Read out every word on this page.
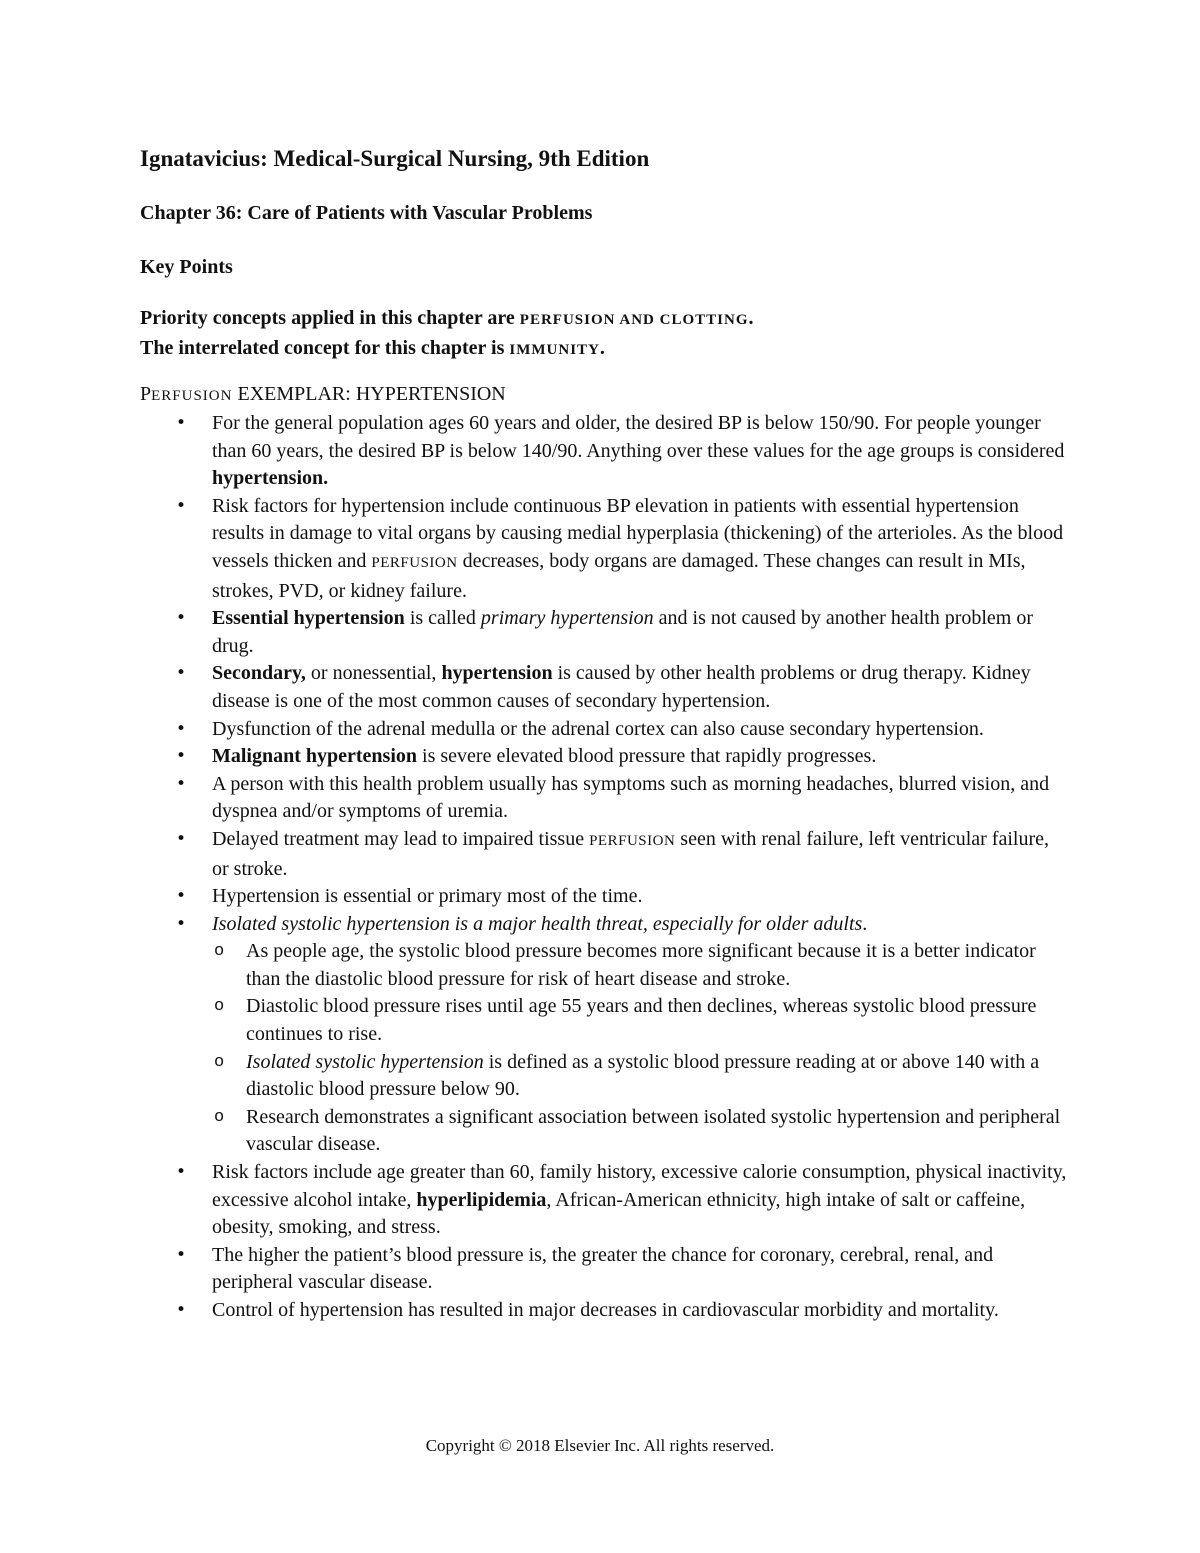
Ignatavicius: Medical-Surgical Nursing, 9th Edition

Chapter 36: Care of Patients with Vascular Problems

Key Points

Priority concepts applied in this chapter are PERFUSION AND CLOTTING.
The interrelated concept for this chapter is IMMUNITY.
PERFUSION EXEMPLAR: HYPERTENSION
• For the general population ages 60 years and older, the desired BP is below 150/90. For people younger than 60 years, the desired BP is below 140/90. Anything over these values for the age groups is considered hypertension.
• Risk factors for hypertension include continuous BP elevation in patients with essential hypertension results in damage to vital organs by causing medial hyperplasia (thickening) of the arterioles. As the blood vessels thicken and PERFUSION decreases, body organs are damaged. These changes can result in MIs, strokes, PVD, or kidney failure.
• Essential hypertension is called primary hypertension and is not caused by another health problem or drug.
• Secondary, or nonessential, hypertension is caused by other health problems or drug therapy. Kidney disease is one of the most common causes of secondary hypertension.
• Dysfunction of the adrenal medulla or the adrenal cortex can also cause secondary hypertension.
• Malignant hypertension is severe elevated blood pressure that rapidly progresses.
• A person with this health problem usually has symptoms such as morning headaches, blurred vision, and dyspnea and/or symptoms of uremia.
• Delayed treatment may lead to impaired tissue PERFUSION seen with renal failure, left ventricular failure, or stroke.
• Hypertension is essential or primary most of the time.
• Isolated systolic hypertension is a major health threat, especially for older adults.
o As people age, the systolic blood pressure becomes more significant because it is a better indicator than the diastolic blood pressure for risk of heart disease and stroke.
o Diastolic blood pressure rises until age 55 years and then declines, whereas systolic blood pressure continues to rise.
o Isolated systolic hypertension is defined as a systolic blood pressure reading at or above 140 with a diastolic blood pressure below 90.
o Research demonstrates a significant association between isolated systolic hypertension and peripheral vascular disease.
• Risk factors include age greater than 60, family history, excessive calorie consumption, physical inactivity, excessive alcohol intake, hyperlipidemia, African-American ethnicity, high intake of salt or caffeine, obesity, smoking, and stress.
• The higher the patient’s blood pressure is, the greater the chance for coronary, cerebral, renal, and peripheral vascular disease.
• Control of hypertension has resulted in major decreases in cardiovascular morbidity and mortality.
Copyright © 2018 Elsevier Inc. All rights reserved.
